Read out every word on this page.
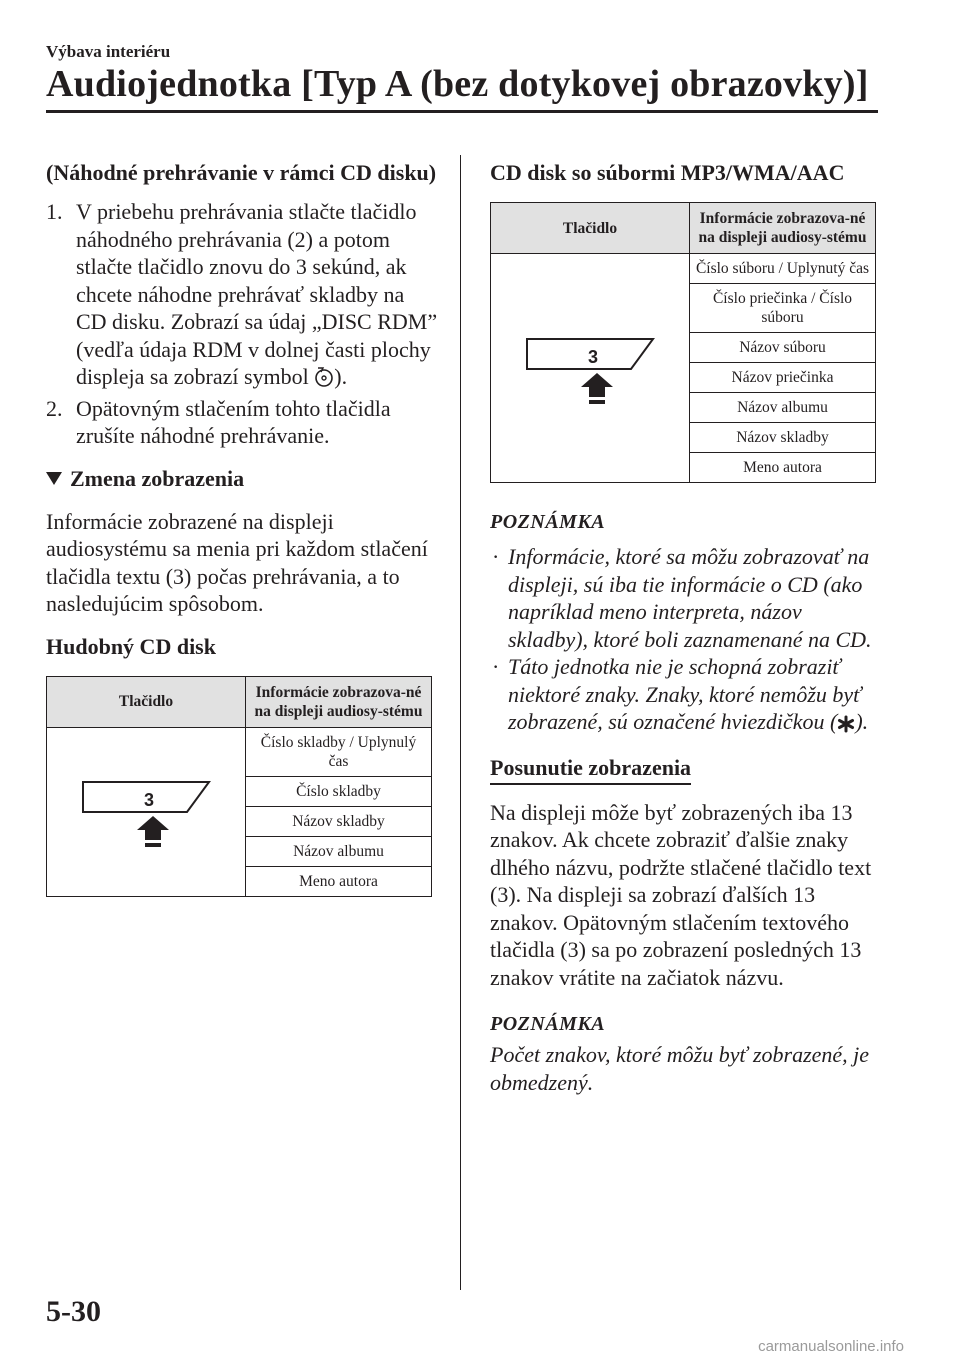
Výbava interiéru
Audiojednotka [Typ A (bez dotykovej obrazovky)]

(Náhodné prehrávanie v rámci CD disku)

1. V priebehu prehrávania stlačte tlačidlo náhodného prehrávania (2) a potom stlačte tlačidlo znovu do 3 sekúnd, ak chcete náhodne prehrávať skladby na CD disku. Zobrazí sa údaj „DISC RDM” (vedľa údaja RDM v dolnej časti plochy displeja sa zobrazí symbol ).
2. Opätovným stlačením tohto tlačidla zrušíte náhodné prehrávanie.
Zmena zobrazenia

Informácie zobrazené na displeji audiosystému sa menia pri každom stlačení tlačidla textu (3) počas prehrávania, a to nasledujúcim spôsobom.

Hudobný CD disk

Tlačidlo	Informácie zobrazova-né na displeji audiosy-stému

3	Číslo skladby / Uplynulý čas
	Číslo skladby
	Názov skladby
	Názov albumu
	Meno autora

CD disk so súbormi MP3/WMA/AAC

Tlačidlo	Informácie zobrazova-né na displeji audiosy-stému

3	Číslo súboru / Uplynutý čas
	Číslo priečinka / Číslo súboru
	Názov súboru
	Názov priečinka
	Názov albumu
	Názov skladby
	Meno autora
POZNÁMKA
· Informácie, ktoré sa môžu zobrazovať na displeji, sú iba tie informácie o CD (ako napríklad meno interpreta, názov skladby), ktoré boli zaznamenané na CD.
· Táto jednotka nie je schopná zobraziť niektoré znaky. Znaky, ktoré nemôžu byť zobrazené, sú označené hviezdičkou ( ).
Posunutie zobrazenia

Na displeji môže byť zobrazených iba 13 znakov. Ak chcete zobraziť ďalšie znaky dlhého názvu, podržte stlačené tlačidlo text (3). Na displeji sa zobrazí ďalších 13 znakov. Opätovným stlačením textového tlačidla (3) sa po zobrazení posledných 13 znakov vrátite na začiatok názvu.

POZNÁMKA

Počet znakov, ktoré môžu byť zobrazené, je obmedzený.

5-30
carmanualsonline.info
